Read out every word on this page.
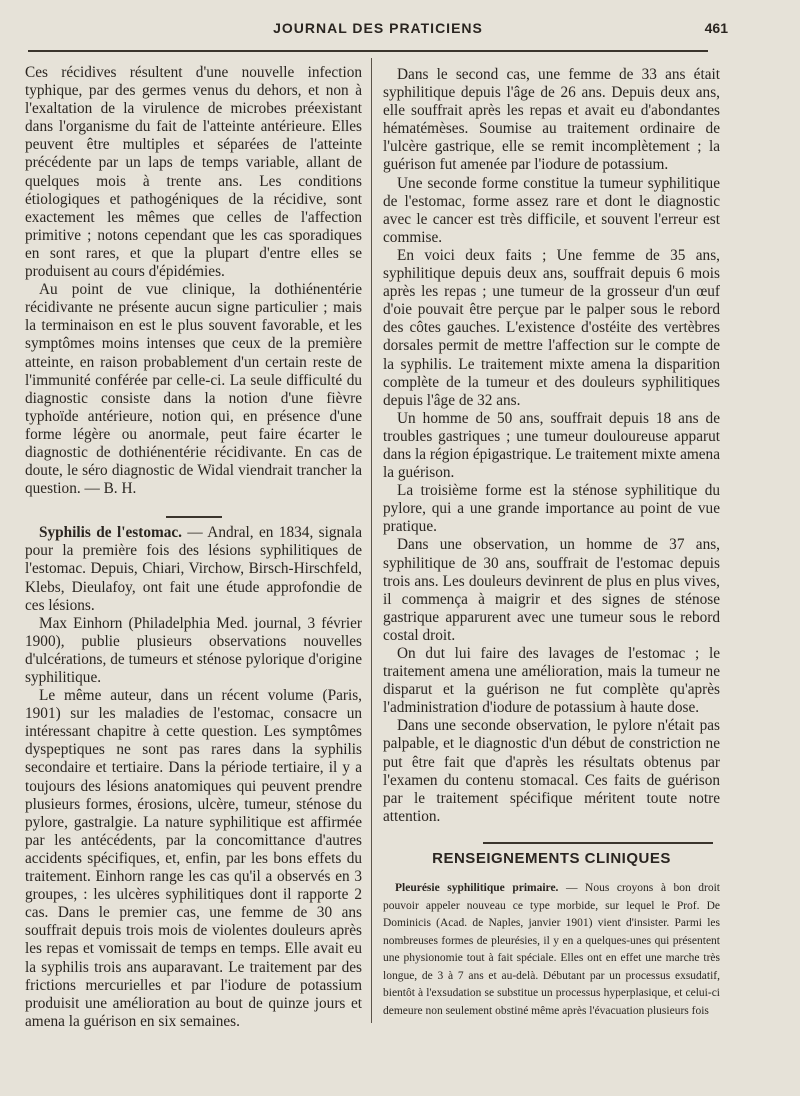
JOURNAL DES PRATICIENS	461

Ces récidives résultent d'une nouvelle infection typhique, par des germes venus du dehors, et non à l'exaltation de la virulence de microbes préexistant dans l'organisme du fait de l'atteinte antérieure. Elles peuvent être multiples et séparées de l'atteinte précédente par un laps de temps variable, allant de quelques mois à trente ans. Les conditions étiologiques et pathogéniques de la récidive, sont exactement les mêmes que celles de l'affection primitive ; notons cependant que les cas sporadiques en sont rares, et que la plupart d'entre elles se produisent au cours d'épidémies.

Au point de vue clinique, la dothiénentérie récidivante ne présente aucun signe particulier ; mais la terminaison en est le plus souvent favorable, et les symptômes moins intenses que ceux de la première atteinte, en raison probablement d'un certain reste de l'immunité conférée par celle-ci. La seule difficulté du diagnostic consiste dans la notion d'une fièvre typhoïde antérieure, notion qui, en présence d'une forme légère ou anormale, peut faire écarter le diagnostic de dothiénentérie récidivante. En cas de doute, le séro diagnostic de Widal viendrait trancher la question. — B. H.

Syphilis de l'estomac. — Andral, en 1834, signala pour la première fois des lésions syphilitiques de l'estomac. Depuis, Chiari, Virchow, Birsch-Hirschfeld, Klebs, Dieulafoy, ont fait une étude approfondie de ces lésions.

Max Einhorn (Philadelphia Med. journal, 3 février 1900), publie plusieurs observations nouvelles d'ulcérations, de tumeurs et sténose pylorique d'origine syphilitique.

Le même auteur, dans un récent volume (Paris, 1901) sur les maladies de l'estomac, consacre un intéressant chapitre à cette question. Les symptômes dyspeptiques ne sont pas rares dans la syphilis secondaire et tertiaire. Dans la période tertiaire, il y a toujours des lésions anatomiques qui peuvent prendre plusieurs formes, érosions, ulcère, tumeur, sténose du pylore, gastralgie. La nature syphilitique est affirmée par les antécédents, par la concomittance d'autres accidents spécifiques, et, enfin, par les bons effets du traitement. Einhorn range les cas qu'il a observés en 3 groupes, : les ulcères syphilitiques dont il rapporte 2 cas. Dans le premier cas, une femme de 30 ans souffrait depuis trois mois de violentes douleurs après les repas et vomissait de temps en temps. Elle avait eu la syphilis trois ans auparavant. Le traitement par des frictions mercurielles et par l'iodure de potassium produisit une amélioration au bout de quinze jours et amena la guérison en six semaines.

Dans le second cas, une femme de 33 ans était syphilitique depuis l'âge de 26 ans. Depuis deux ans, elle souffrait après les repas et avait eu d'abondantes hématémèses. Soumise au traitement ordinaire de l'ulcère gastrique, elle se remit incomplètement ; la guérison fut amenée par l'iodure de potassium.

Une seconde forme constitue la tumeur syphilitique de l'estomac, forme assez rare et dont le diagnostic avec le cancer est très difficile, et souvent l'erreur est commise.

En voici deux faits ; Une femme de 35 ans, syphilitique depuis deux ans, souffrait depuis 6 mois après les repas ; une tumeur de la grosseur d'un œuf d'oie pouvait être perçue par le palper sous le rebord des côtes gauches. L'existence d'ostéite des vertèbres dorsales permit de mettre l'affection sur le compte de la syphilis. Le traitement mixte amena la disparition complète de la tumeur et des douleurs syphilitiques depuis l'âge de 32 ans.

Un homme de 50 ans, souffrait depuis 18 ans de troubles gastriques ; une tumeur douloureuse apparut dans la région épigastrique. Le traitement mixte amena la guérison.

La troisième forme est la sténose syphilitique du pylore, qui a une grande importance au point de vue pratique.

Dans une observation, un homme de 37 ans, syphilitique de 30 ans, souffrait de l'estomac depuis trois ans. Les douleurs devinrent de plus en plus vives, il commença à maigrir et des signes de sténose gastrique apparurent avec une tumeur sous le rebord costal droit.

On dut lui faire des lavages de l'estomac ; le traitement amena une amélioration, mais la tumeur ne disparut et la guérison ne fut complète qu'après l'administration d'iodure de potassium à haute dose.

Dans une seconde observation, le pylore n'était pas palpable, et le diagnostic d'un début de constriction ne put être fait que d'après les résultats obtenus par l'examen du contenu stomacal. Ces faits de guérison par le traitement spécifique méritent toute notre attention.

RENSEIGNEMENTS CLINIQUES

Pleurésie syphilitique primaire. — Nous croyons à bon droit pouvoir appeler nouveau ce type morbide, sur lequel le Prof. De Dominicis (Acad. de Naples, janvier 1901) vient d'insister. Parmi les nombreuses formes de pleurésies, il y en a quelques-unes qui présentent une physionomie tout à fait spéciale. Elles ont en effet une marche très longue, de 3 à 7 ans et au-delà. Débutant par un processus exsudatif, bientôt à l'exsudation se substitue un processus hyperplasique, et celui-ci demeure non seulement obstiné même après l'évacuation plusieurs fois
